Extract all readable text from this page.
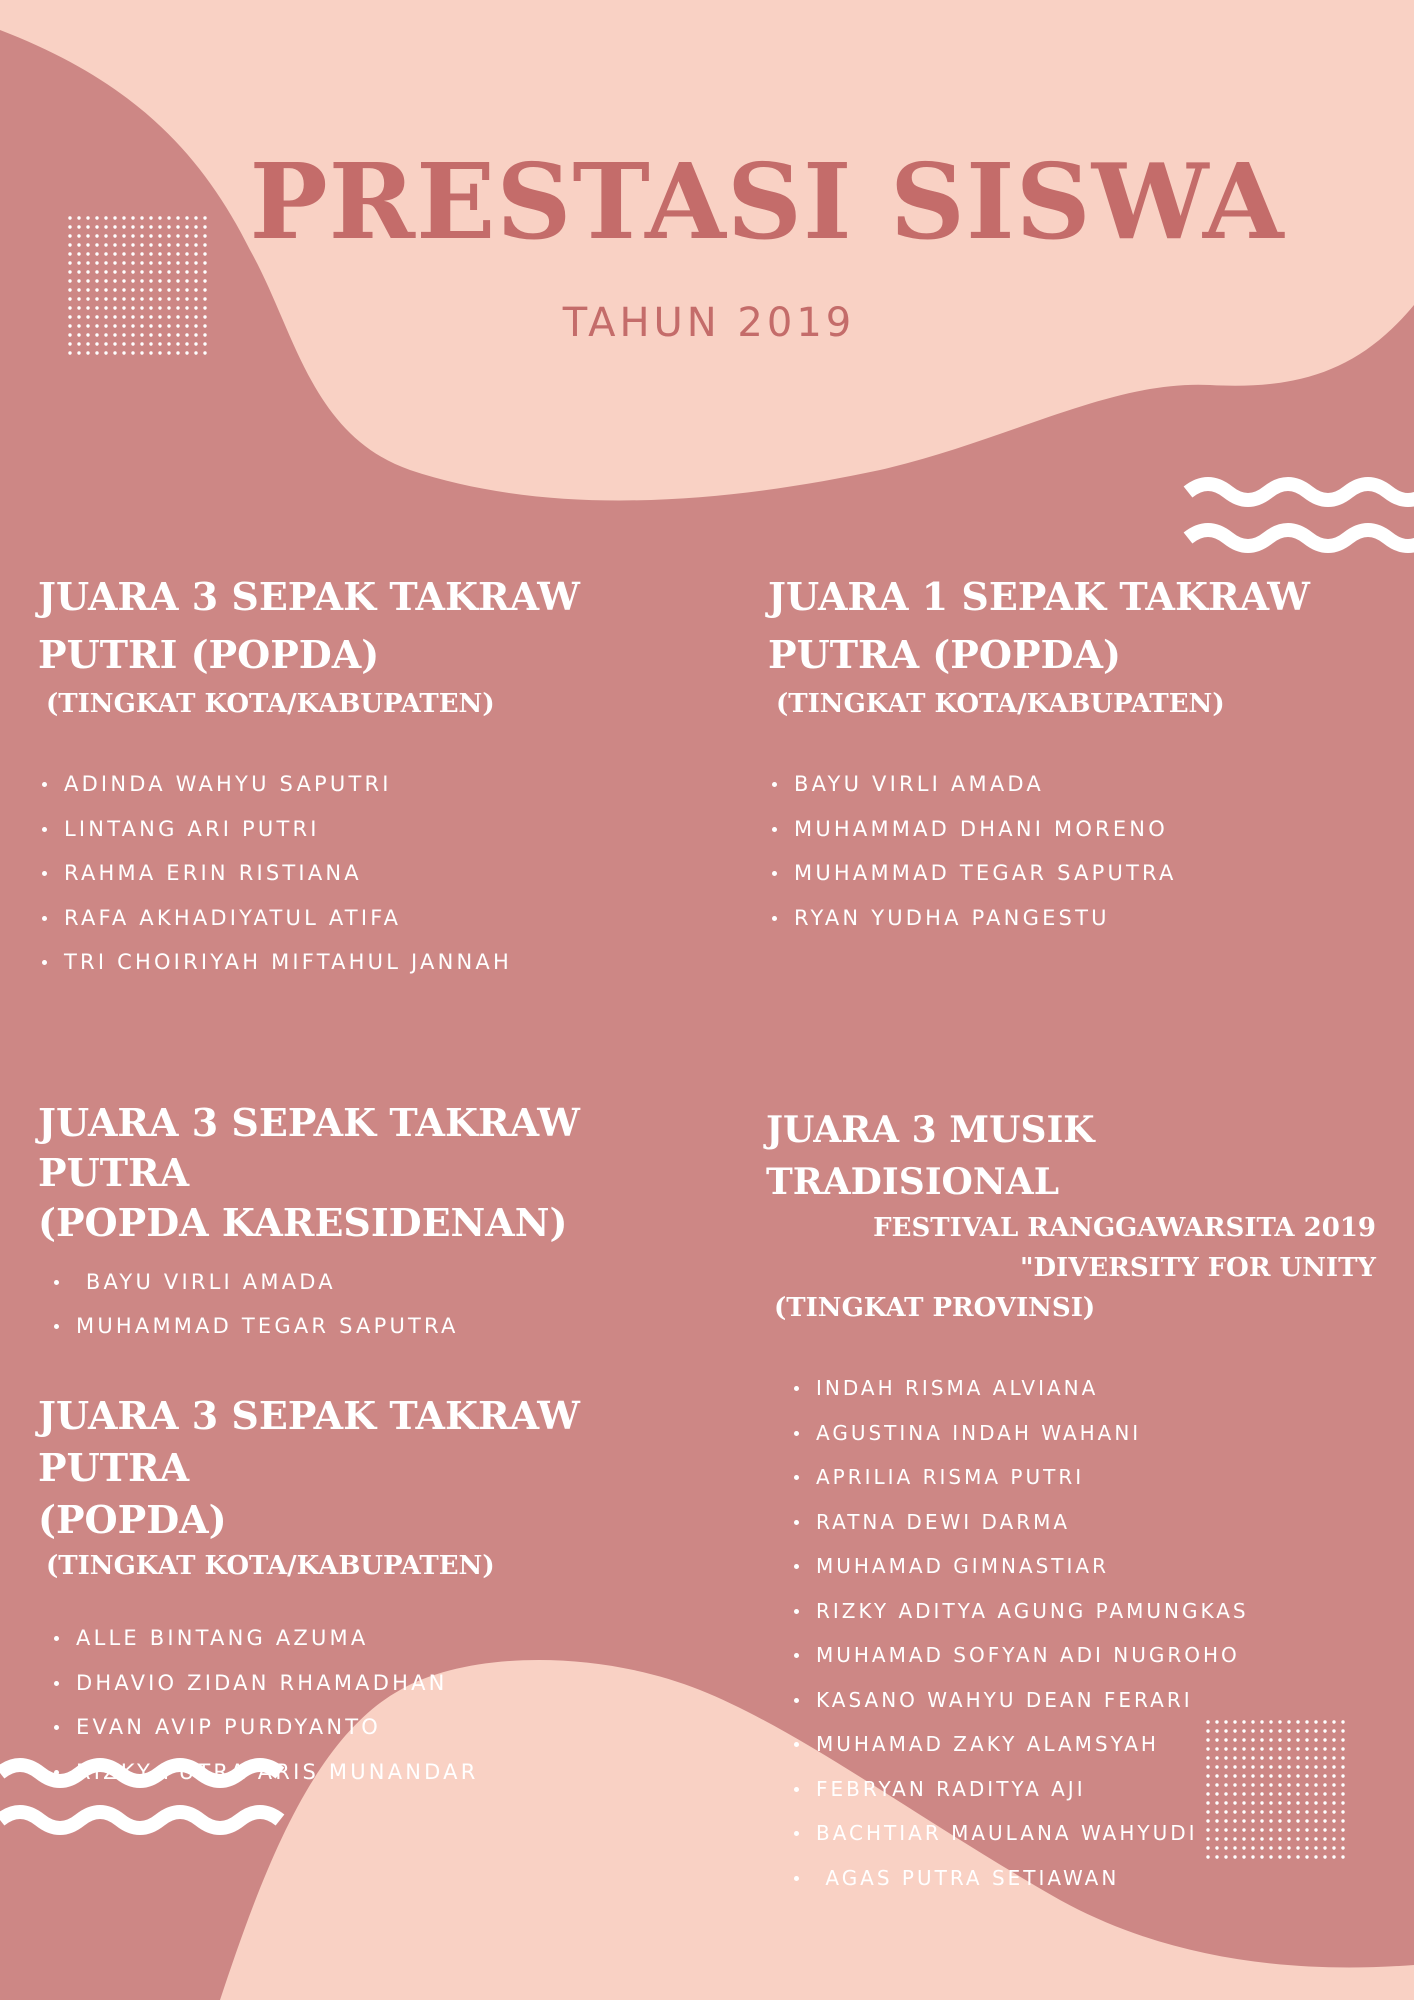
PRESTASI SISWA
TAHUN 2019
JUARA 3 SEPAK TAKRAW
PUTRI (POPDA)
(TINGKAT KOTA/KABUPATEN)
ADINDA WAHYU SAPUTRI
LINTANG ARI PUTRI
RAHMA ERIN RISTIANA
RAFA AKHADIYATUL ATIFA
TRI CHOIRIYAH MIFTAHUL JANNAH
JUARA 1 SEPAK TAKRAW
PUTRA (POPDA)
(TINGKAT KOTA/KABUPATEN)
BAYU VIRLI AMADA
MUHAMMAD DHANI MORENO
MUHAMMAD TEGAR SAPUTRA
RYAN YUDHA PANGESTU
JUARA 3 SEPAK TAKRAW PUTRA
(POPDA KARESIDENAN)
BAYU VIRLI AMADA
MUHAMMAD TEGAR SAPUTRA
JUARA 3 SEPAK TAKRAW PUTRA
(POPDA)
(TINGKAT KOTA/KABUPATEN)
ALLE BINTANG AZUMA
DHAVIO ZIDAN RHAMADHAN
EVAN AVIP PURDYANTO
RIZKY PUTRA ARIS MUNANDAR
JUARA 3 MUSIK TRADISIONAL
FESTIVAL RANGGAWARSITA 2019
"DIVERSITY FOR UNITY
(TINGKAT PROVINSI)
INDAH RISMA ALVIANA
AGUSTINA INDAH WAHANI
APRILIA RISMA PUTRI
RATNA DEWI DARMA
MUHAMAD GIMNASTIAR
RIZKY ADITYA AGUNG PAMUNGKAS
MUHAMAD SOFYAN ADI NUGROHO
KASANO WAHYU DEAN FERARI
MUHAMAD ZAKY ALAMSYAH
FEBRYAN RADITYA AJI
BACHTIAR MAULANA WAHYUDI
AGAS PUTRA SETIAWAN
